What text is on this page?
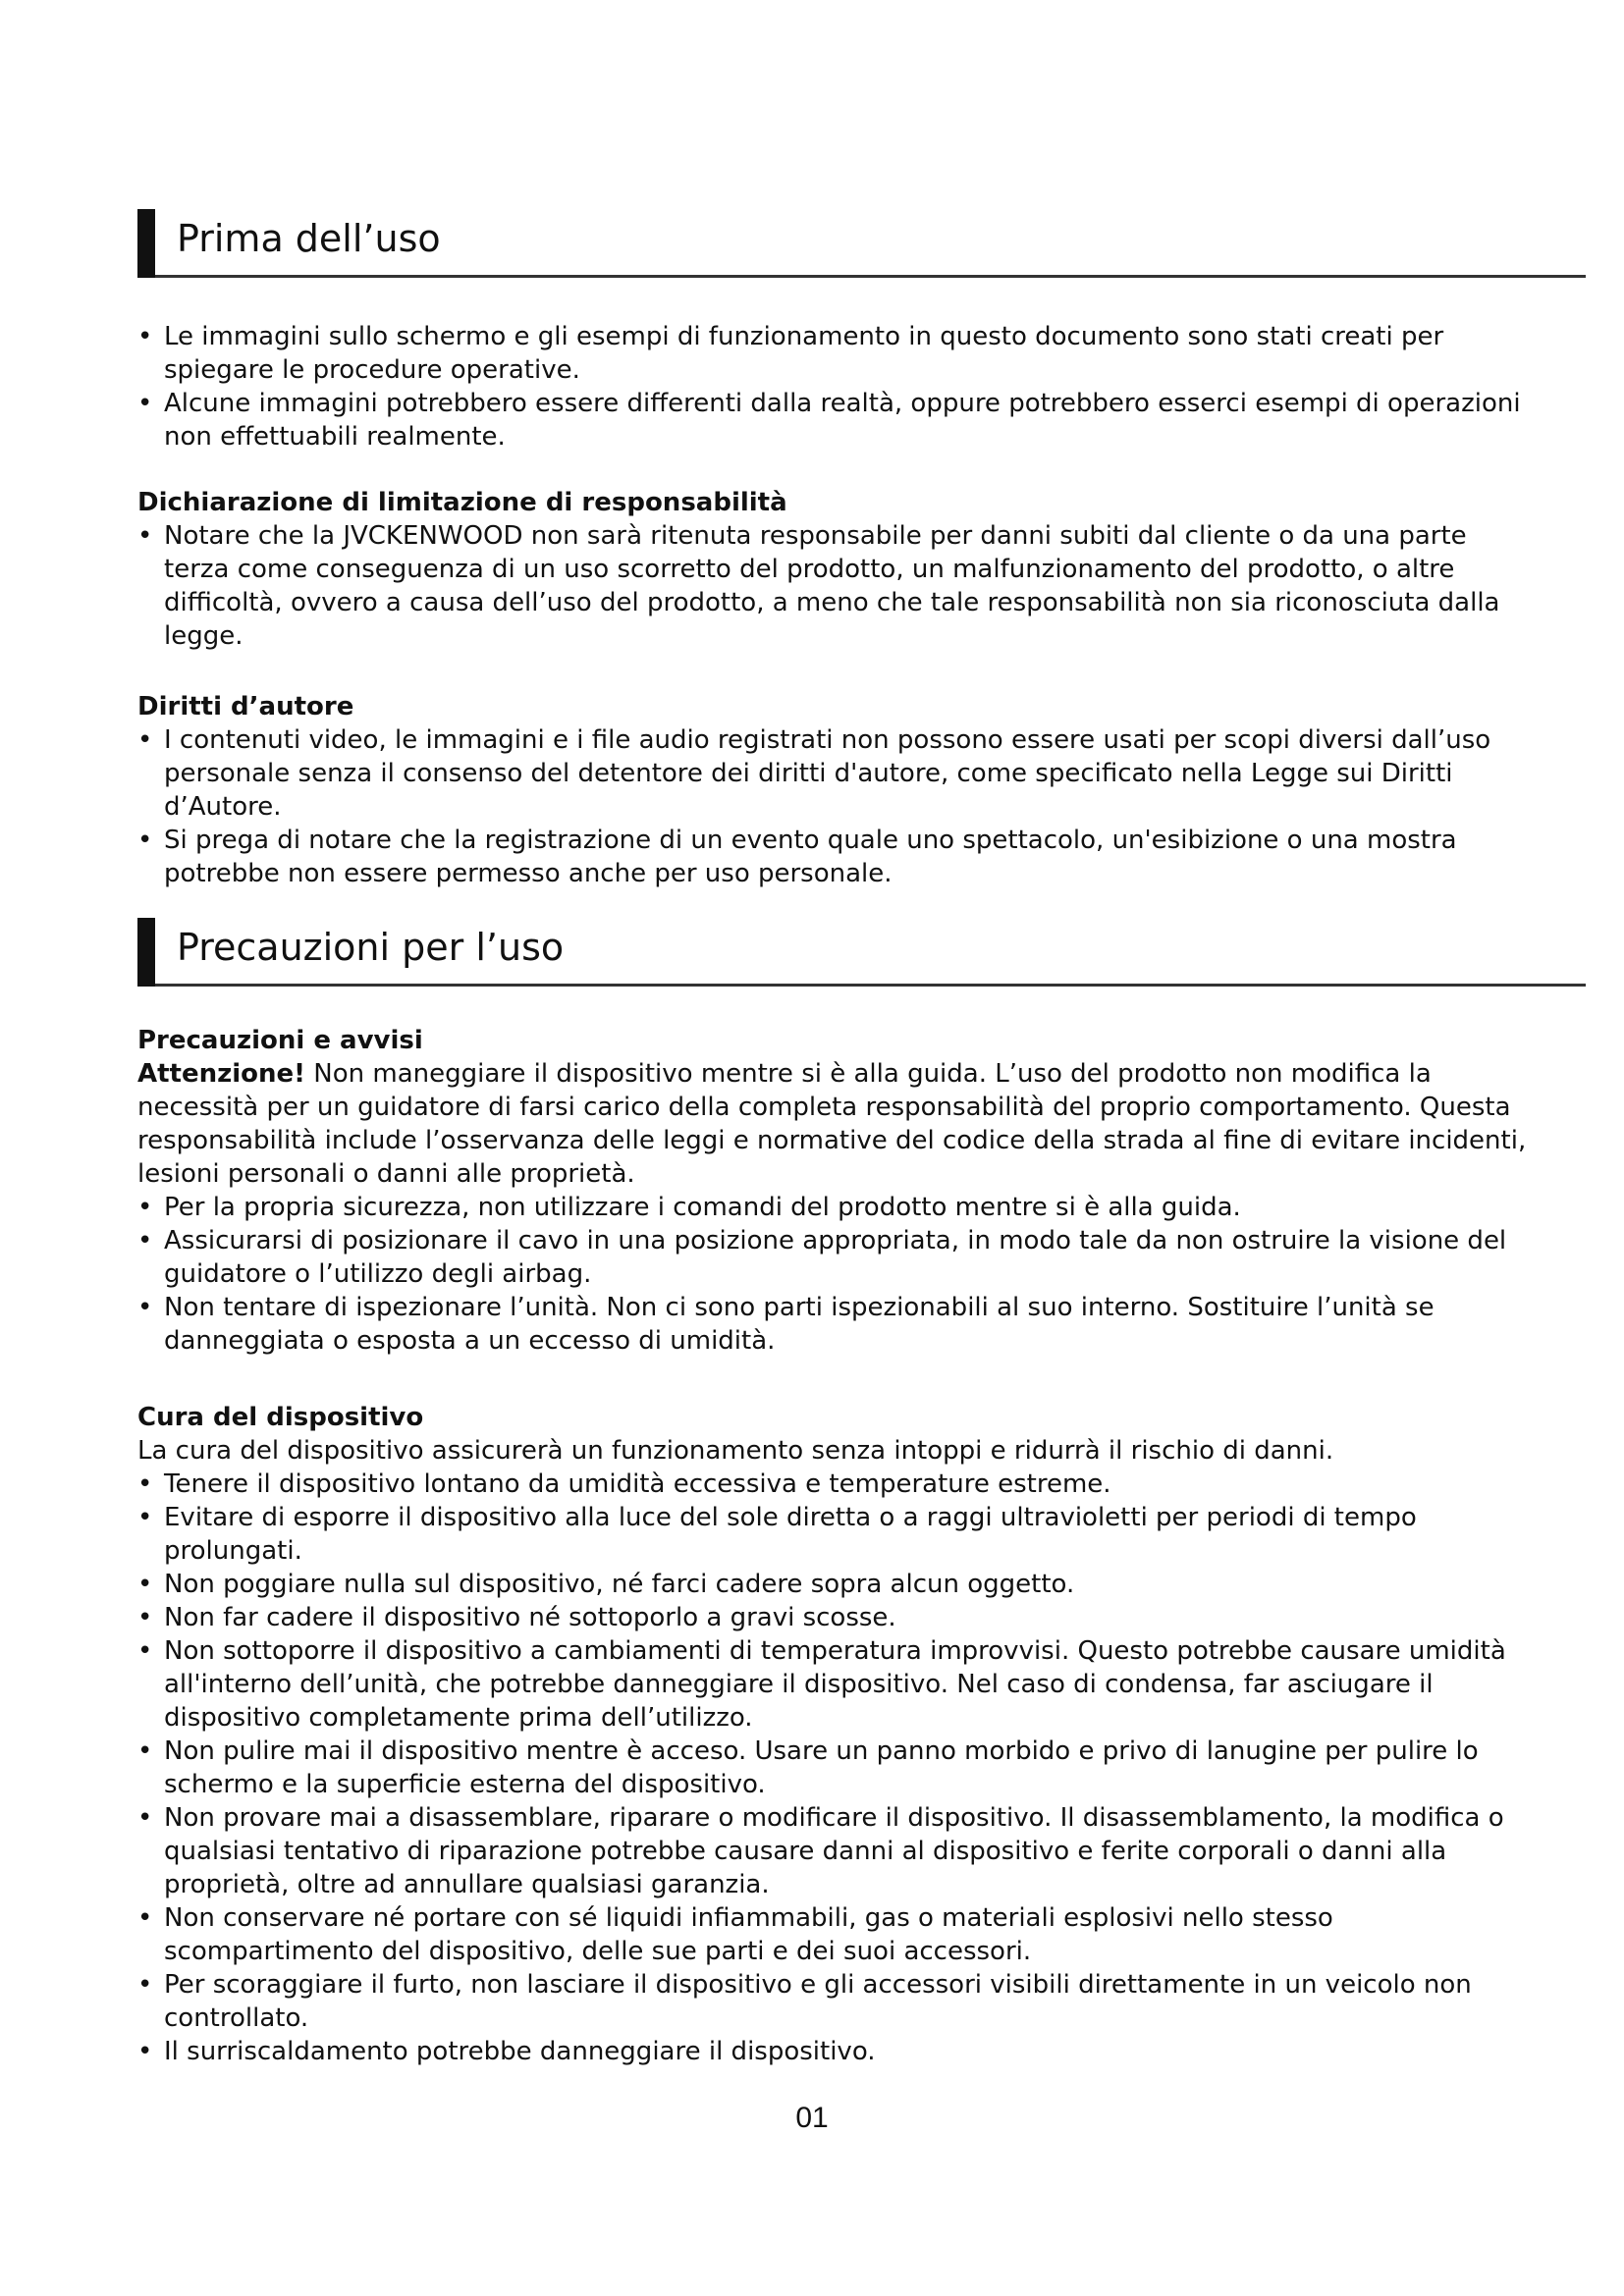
Prima dell’uso
• Le immagini sullo schermo e gli esempi di funzionamento in questo documento sono stati creati per spiegare le procedure operative.
• Alcune immagini potrebbero essere differenti dalla realtà, oppure potrebbero esserci esempi di operazioni non effettuabili realmente.

Dichiarazione di limitazione di responsabilità

• Notare che la JVCKENWOOD non sarà ritenuta responsabile per danni subiti dal cliente o da una parte terza come conseguenza di un uso scorretto del prodotto, un malfunzionamento del prodotto, o altre difficoltà, ovvero a causa dell’uso del prodotto, a meno che tale responsabilità non sia riconosciuta dalla legge.

Diritti d’autore

• I contenuti video, le immagini e i file audio registrati non possono essere usati per scopi diversi dall’uso personale senza il consenso del detentore dei diritti d'autore, come specificato nella Legge sui Diritti d’Autore.
• Si prega di notare che la registrazione di un evento quale uno spettacolo, un'esibizione o una mostra potrebbe non essere permesso anche per uso personale.
Precauzioni per l’uso

Precauzioni e avvisi

Attenzione! Non maneggiare il dispositivo mentre si è alla guida. L’uso del prodotto non modifica la necessità per un guidatore di farsi carico della completa responsabilità del proprio comportamento. Questa responsabilità include l’osservanza delle leggi e normative del codice della strada al fine di evitare incidenti, lesioni personali o danni alle proprietà.

• Per la propria sicurezza, non utilizzare i comandi del prodotto mentre si è alla guida.
• Assicurarsi di posizionare il cavo in una posizione appropriata, in modo tale da non ostruire la visione del guidatore o l’utilizzo degli airbag.
• Non tentare di ispezionare l’unità. Non ci sono parti ispezionabili al suo interno. Sostituire l’unità se danneggiata o esposta a un eccesso di umidità.

Cura del dispositivo

La cura del dispositivo assicurerà un funzionamento senza intoppi e ridurrà il rischio di danni.

• Tenere il dispositivo lontano da umidità eccessiva e temperature estreme.
• Evitare di esporre il dispositivo alla luce del sole diretta o a raggi ultravioletti per periodi di tempo prolungati.
• Non poggiare nulla sul dispositivo, né farci cadere sopra alcun oggetto.
• Non far cadere il dispositivo né sottoporlo a gravi scosse.
• Non sottoporre il dispositivo a cambiamenti di temperatura improvvisi. Questo potrebbe causare umidità all'interno dell’unità, che potrebbe danneggiare il dispositivo. Nel caso di condensa, far asciugare il dispositivo completamente prima dell’utilizzo.
• Non pulire mai il dispositivo mentre è acceso. Usare un panno morbido e privo di lanugine per pulire lo schermo e la superficie esterna del dispositivo.
• Non provare mai a disassemblare, riparare o modificare il dispositivo. Il disassemblamento, la modifica o qualsiasi tentativo di riparazione potrebbe causare danni al dispositivo e ferite corporali o danni alla proprietà, oltre ad annullare qualsiasi garanzia.
• Non conservare né portare con sé liquidi infiammabili, gas o materiali esplosivi nello stesso scompartimento del dispositivo, delle sue parti e dei suoi accessori.
• Per scoraggiare il furto, non lasciare il dispositivo e gli accessori visibili direttamente in un veicolo non controllato.
• Il surriscaldamento potrebbe danneggiare il dispositivo.
01
